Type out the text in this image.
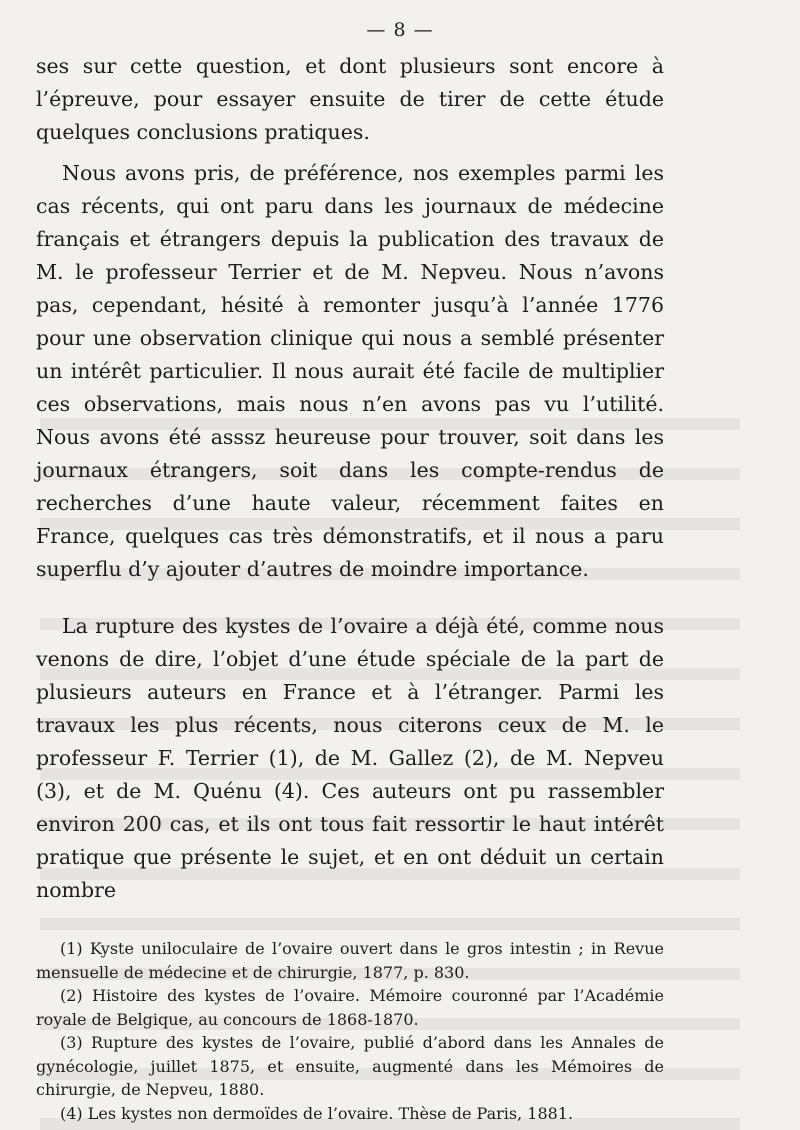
— 8 —

ses sur cette question, et dont plusieurs sont encore à l’épreuve, pour essayer ensuite de tirer de cette étude quelques conclusions pratiques.

Nous avons pris, de préférence, nos exemples parmi les cas récents, qui ont paru dans les journaux de médecine français et étrangers depuis la publication des travaux de M. le professeur Terrier et de M. Nepveu. Nous n’avons pas, cependant, hésité à remonter jusqu’à l’année 1776 pour une observation clinique qui nous a semblé présenter un intérêt particulier. Il nous aurait été facile de multiplier ces observations, mais nous n’en avons pas vu l’utilité. Nous avons été asssz heureuse pour trouver, soit dans les journaux étrangers, soit dans les compte-rendus de recherches d’une haute valeur, récemment faites en France, quelques cas très démonstratifs, et il nous a paru superflu d’y ajouter d’autres de moindre importance.

La rupture des kystes de l’ovaire a déjà été, comme nous venons de dire, l’objet d’une étude spéciale de la part de plusieurs auteurs en France et à l’étranger. Parmi les travaux les plus récents, nous citerons ceux de M. le professeur F. Terrier (1), de M. Gallez (2), de M. Nepveu (3), et de M. Quénu (4). Ces auteurs ont pu rassembler environ 200 cas, et ils ont tous fait ressortir le haut intérêt pratique que présente le sujet, et en ont déduit un certain nombre

(1) Kyste uniloculaire de l’ovaire ouvert dans le gros intestin ; in Revue mensuelle de médecine et de chirurgie, 1877, p. 830.

(2) Histoire des kystes de l’ovaire. Mémoire couronné par l’Académie royale de Belgique, au concours de 1868-1870.

(3) Rupture des kystes de l’ovaire, publié d’abord dans les Annales de gynécologie, juillet 1875, et ensuite, augmenté dans les Mémoires de chirurgie, de Nepveu, 1880.

(4) Les kystes non dermoïdes de l’ovaire. Thèse de Paris, 1881.
